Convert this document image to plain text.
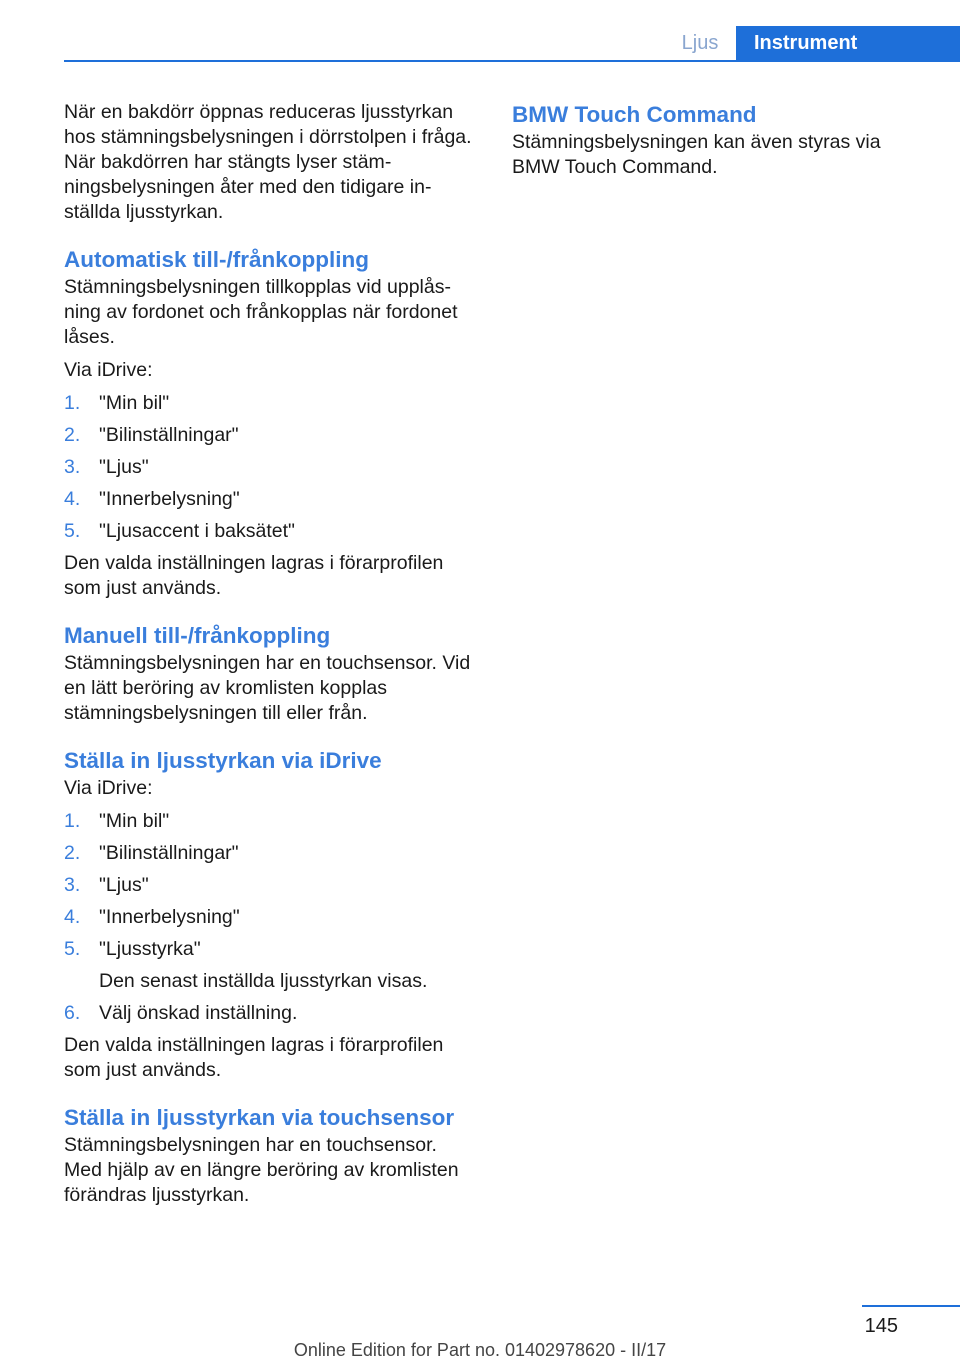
Ljus	Instrument

När en bakdörr öppnas reduceras ljusstyrkan hos stämningsbelysningen i dörrstolpen i fråga. När bakdörren har stängts lyser stämningsbelysningen åter med den tidigare inställda ljusstyrkan.

Automatisk till-/frånkoppling

Stämningsbelysningen tillkopplas vid upplåsning av fordonet och frånkopplas när fordonet låses.

Via iDrive:

1. "Min bil"
2. "Bilinställningar"
3. "Ljus"
4. "Innerbelysning"
5. "Ljusaccent i baksätet"

Den valda inställningen lagras i förarprofilen som just används.

Manuell till-/frånkoppling

Stämningsbelysningen har en touchsensor. Vid en lätt beröring av kromlisten kopplas stämningsbelysningen till eller från.

Ställa in ljusstyrkan via iDrive

Via iDrive:

1. "Min bil"
2. "Bilinställningar"
3. "Ljus"
4. "Innerbelysning"
5. "Ljusstyrka"
Den senast inställda ljusstyrkan visas.
6. Välj önskad inställning.

Den valda inställningen lagras i förarprofilen som just används.

Ställa in ljusstyrkan via touchsensor

Stämningsbelysningen har en touchsensor. Med hjälp av en längre beröring av kromlisten förändras ljusstyrkan.

BMW Touch Command

Stämningsbelysningen kan även styras via BMW Touch Command.

145
Online Edition for Part no. 01402978620 - II/17
